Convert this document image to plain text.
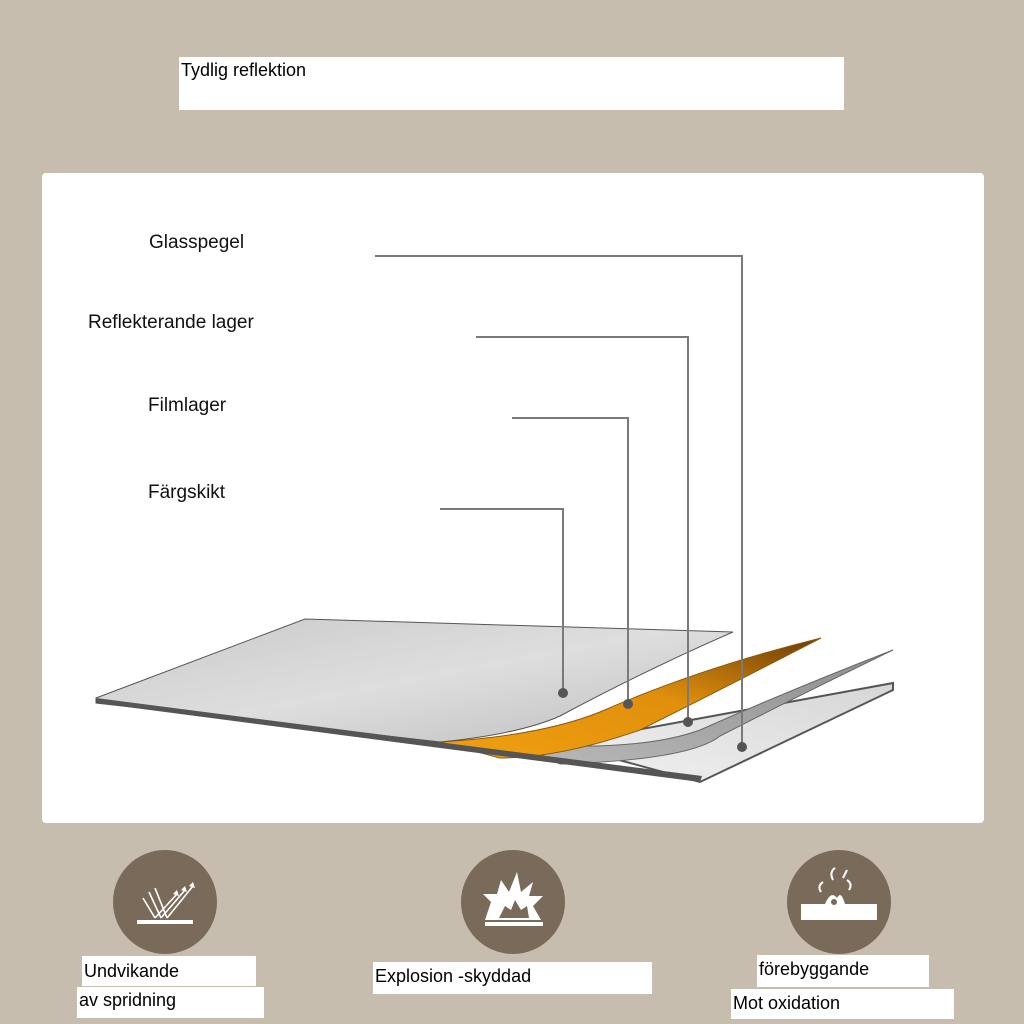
Tydlig reflektion
Glasspegel
Reflekterande lager
Filmlager
Färgskikt
Undvikande
av spridning
Explosion -skyddad	förebyggande
Mot oxidation
